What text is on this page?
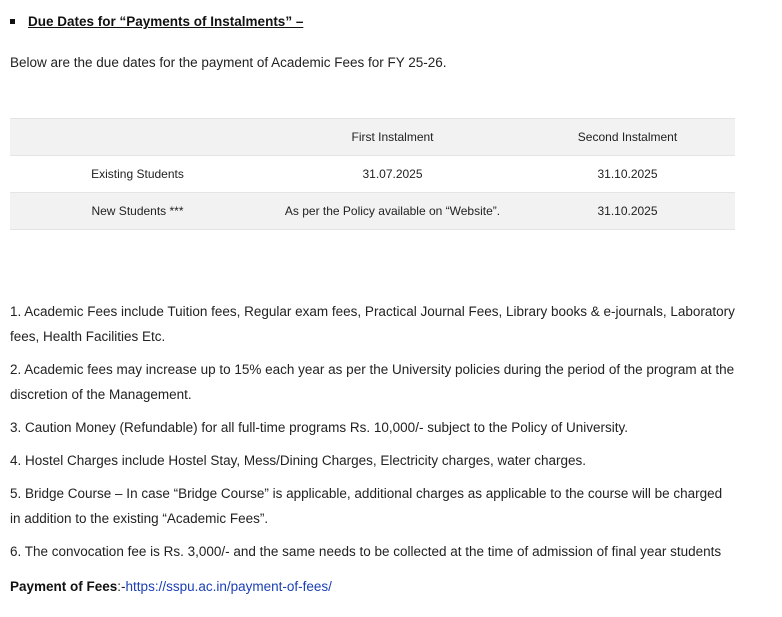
Due Dates for “Payments of Instalments” –
Below are the due dates for the payment of Academic Fees for FY 25-26.
	First Instalment	Second Instalment
Existing Students	31.07.2025	31.10.2025
New Students ***	As per the Policy available on “Website”.	31.10.2025

1. Academic Fees include Tuition fees, Regular exam fees, Practical Journal Fees, Library books & e-journals, Laboratory fees, Health Facilities Etc.

2. Academic fees may increase up to 15% each year as per the University policies during the period of the program at the discretion of the Management.

3. Caution Money (Refundable) for all full-time programs Rs. 10,000/- subject to the Policy of University.

4. Hostel Charges include Hostel Stay, Mess/Dining Charges, Electricity charges, water charges.

5. Bridge Course – In case “Bridge Course” is applicable, additional charges as applicable to the course will be charged in addition to the existing “Academic Fees”.

6. The convocation fee is Rs. 3,000/- and the same needs to be collected at the time of admission of final year students

Payment of Fees:-https://sspu.ac.in/payment-of-fees/
